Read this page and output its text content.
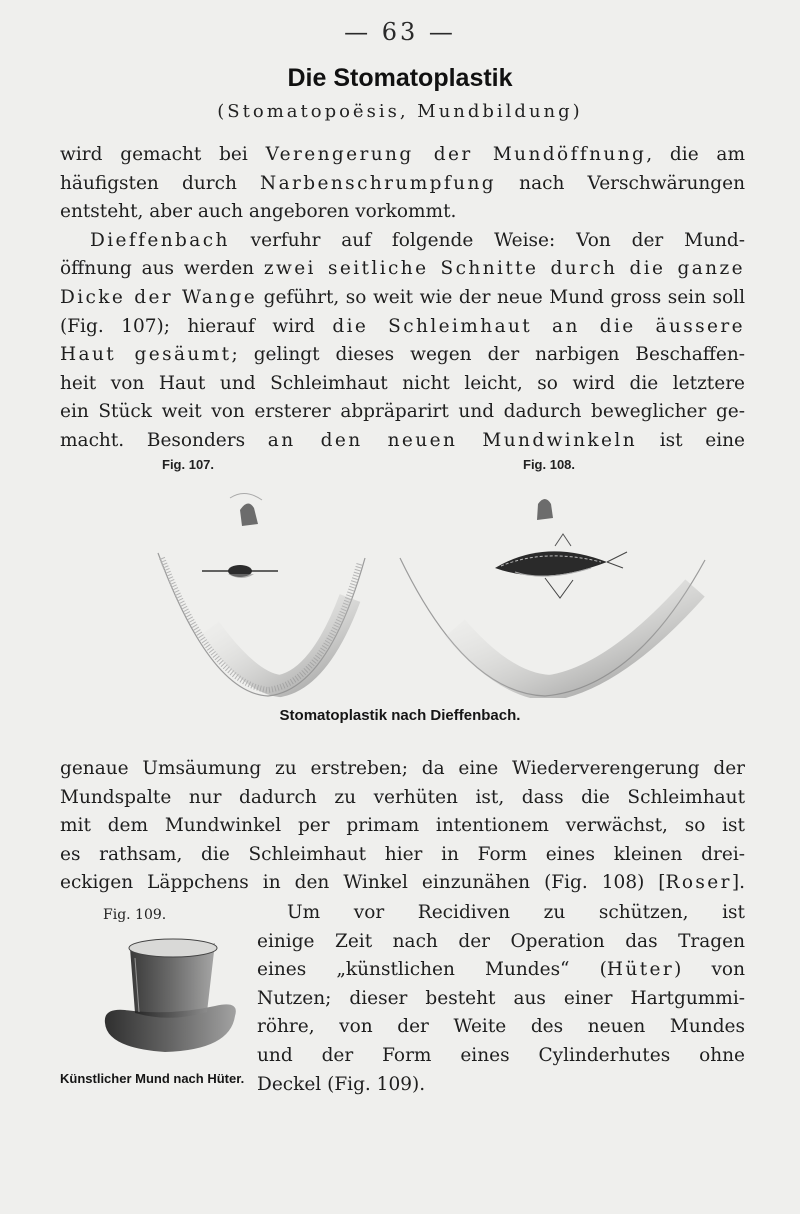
— 63 —
Die Stomatoplastik
(Stomatopoësis, Mundbildung)
wird gemacht bei Verengerung der Mundöffnung, die am
häufigsten durch Narbenschrumpfung nach Verschwärungen
entsteht, aber auch angeboren vorkommt.
Dieffenbach verfuhr auf folgende Weise: Von der Mund-
öffnung aus werden zwei seitliche Schnitte durch die ganze
Dicke der Wange geführt, so weit wie der neue Mund gross sein soll
(Fig. 107); hierauf wird die Schleimhaut an die äussere
Haut gesäumt; gelingt dieses wegen der narbigen Beschaffen-
heit von Haut und Schleimhaut nicht leicht, so wird die letztere
ein Stück weit von ersterer abpräparirt und dadurch beweglicher ge-
macht. Besonders an den neuen Mundwinkeln ist eine
Fig. 107.	Fig. 108.
Stomatoplastik nach Dieffenbach.
genaue Umsäumung zu erstreben; da eine Wiederverengerung der
Mundspalte nur dadurch zu verhüten ist, dass die Schleimhaut
mit dem Mundwinkel per primam intentionem verwächst, so ist
es rathsam, die Schleimhaut hier in Form eines kleinen drei-
eckigen Läppchens in den Winkel einzunähen (Fig. 108) [Roser].
Fig. 109.
Künstlicher Mund nach Hüter.
Um vor Recidiven zu schützen, ist
einige Zeit nach der Operation das Tragen
eines „künstlichen Mundes“ (Hüter) von
Nutzen; dieser besteht aus einer Hartgummi-
röhre, von der Weite des neuen Mundes
und der Form eines Cylinderhutes ohne
Deckel (Fig. 109).
